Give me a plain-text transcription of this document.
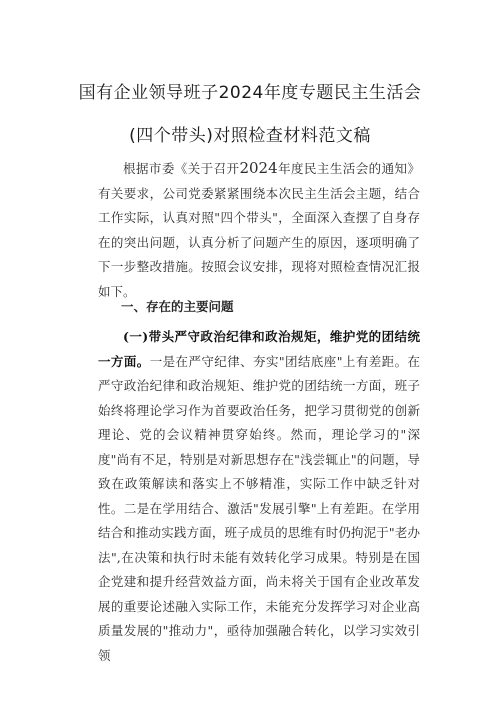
国有企业领导班子2024年度专题民主生活会
(四个带头)对照检查材料范文稿

根据市委《关于召开2024年度民主生活会的通知》有关要求，公司党委紧紧围绕本次民主生活会主题，结合工作实际，认真对照"四个带头"，全面深入查摆了自身存在的突出问题，认真分析了问题产生的原因，逐项明确了下一步整改措施。按照会议安排，现将对照检查情况汇报如下。

一、存在的主要问题

(一)带头严守政治纪律和政治规矩，维护党的团结统一方面。一是在严守纪律、夯实"团结底座"上有差距。在严守政治纪律和政治规矩、维护党的团结统一方面，班子始终将理论学习作为首要政治任务，把学习贯彻党的创新理论、党的会议精神贯穿始终。然而，理论学习的"深度"尚有不足，特别是对新思想存在"浅尝辄止"的问题，导致在政策解读和落实上不够精准，实际工作中缺乏针对性。二是在学用结合、激活"发展引擎"上有差距。在学用结合和推动实践方面，班子成员的思维有时仍拘泥于"老办法",在决策和执行时未能有效转化学习成果。特别是在国企党建和提升经营效益方面，尚未将关于国有企业改革发展的重要论述融入实际工作，未能充分发挥学习对企业高质量发展的"推动力"，亟待加强融合转化，以学习实效引领
